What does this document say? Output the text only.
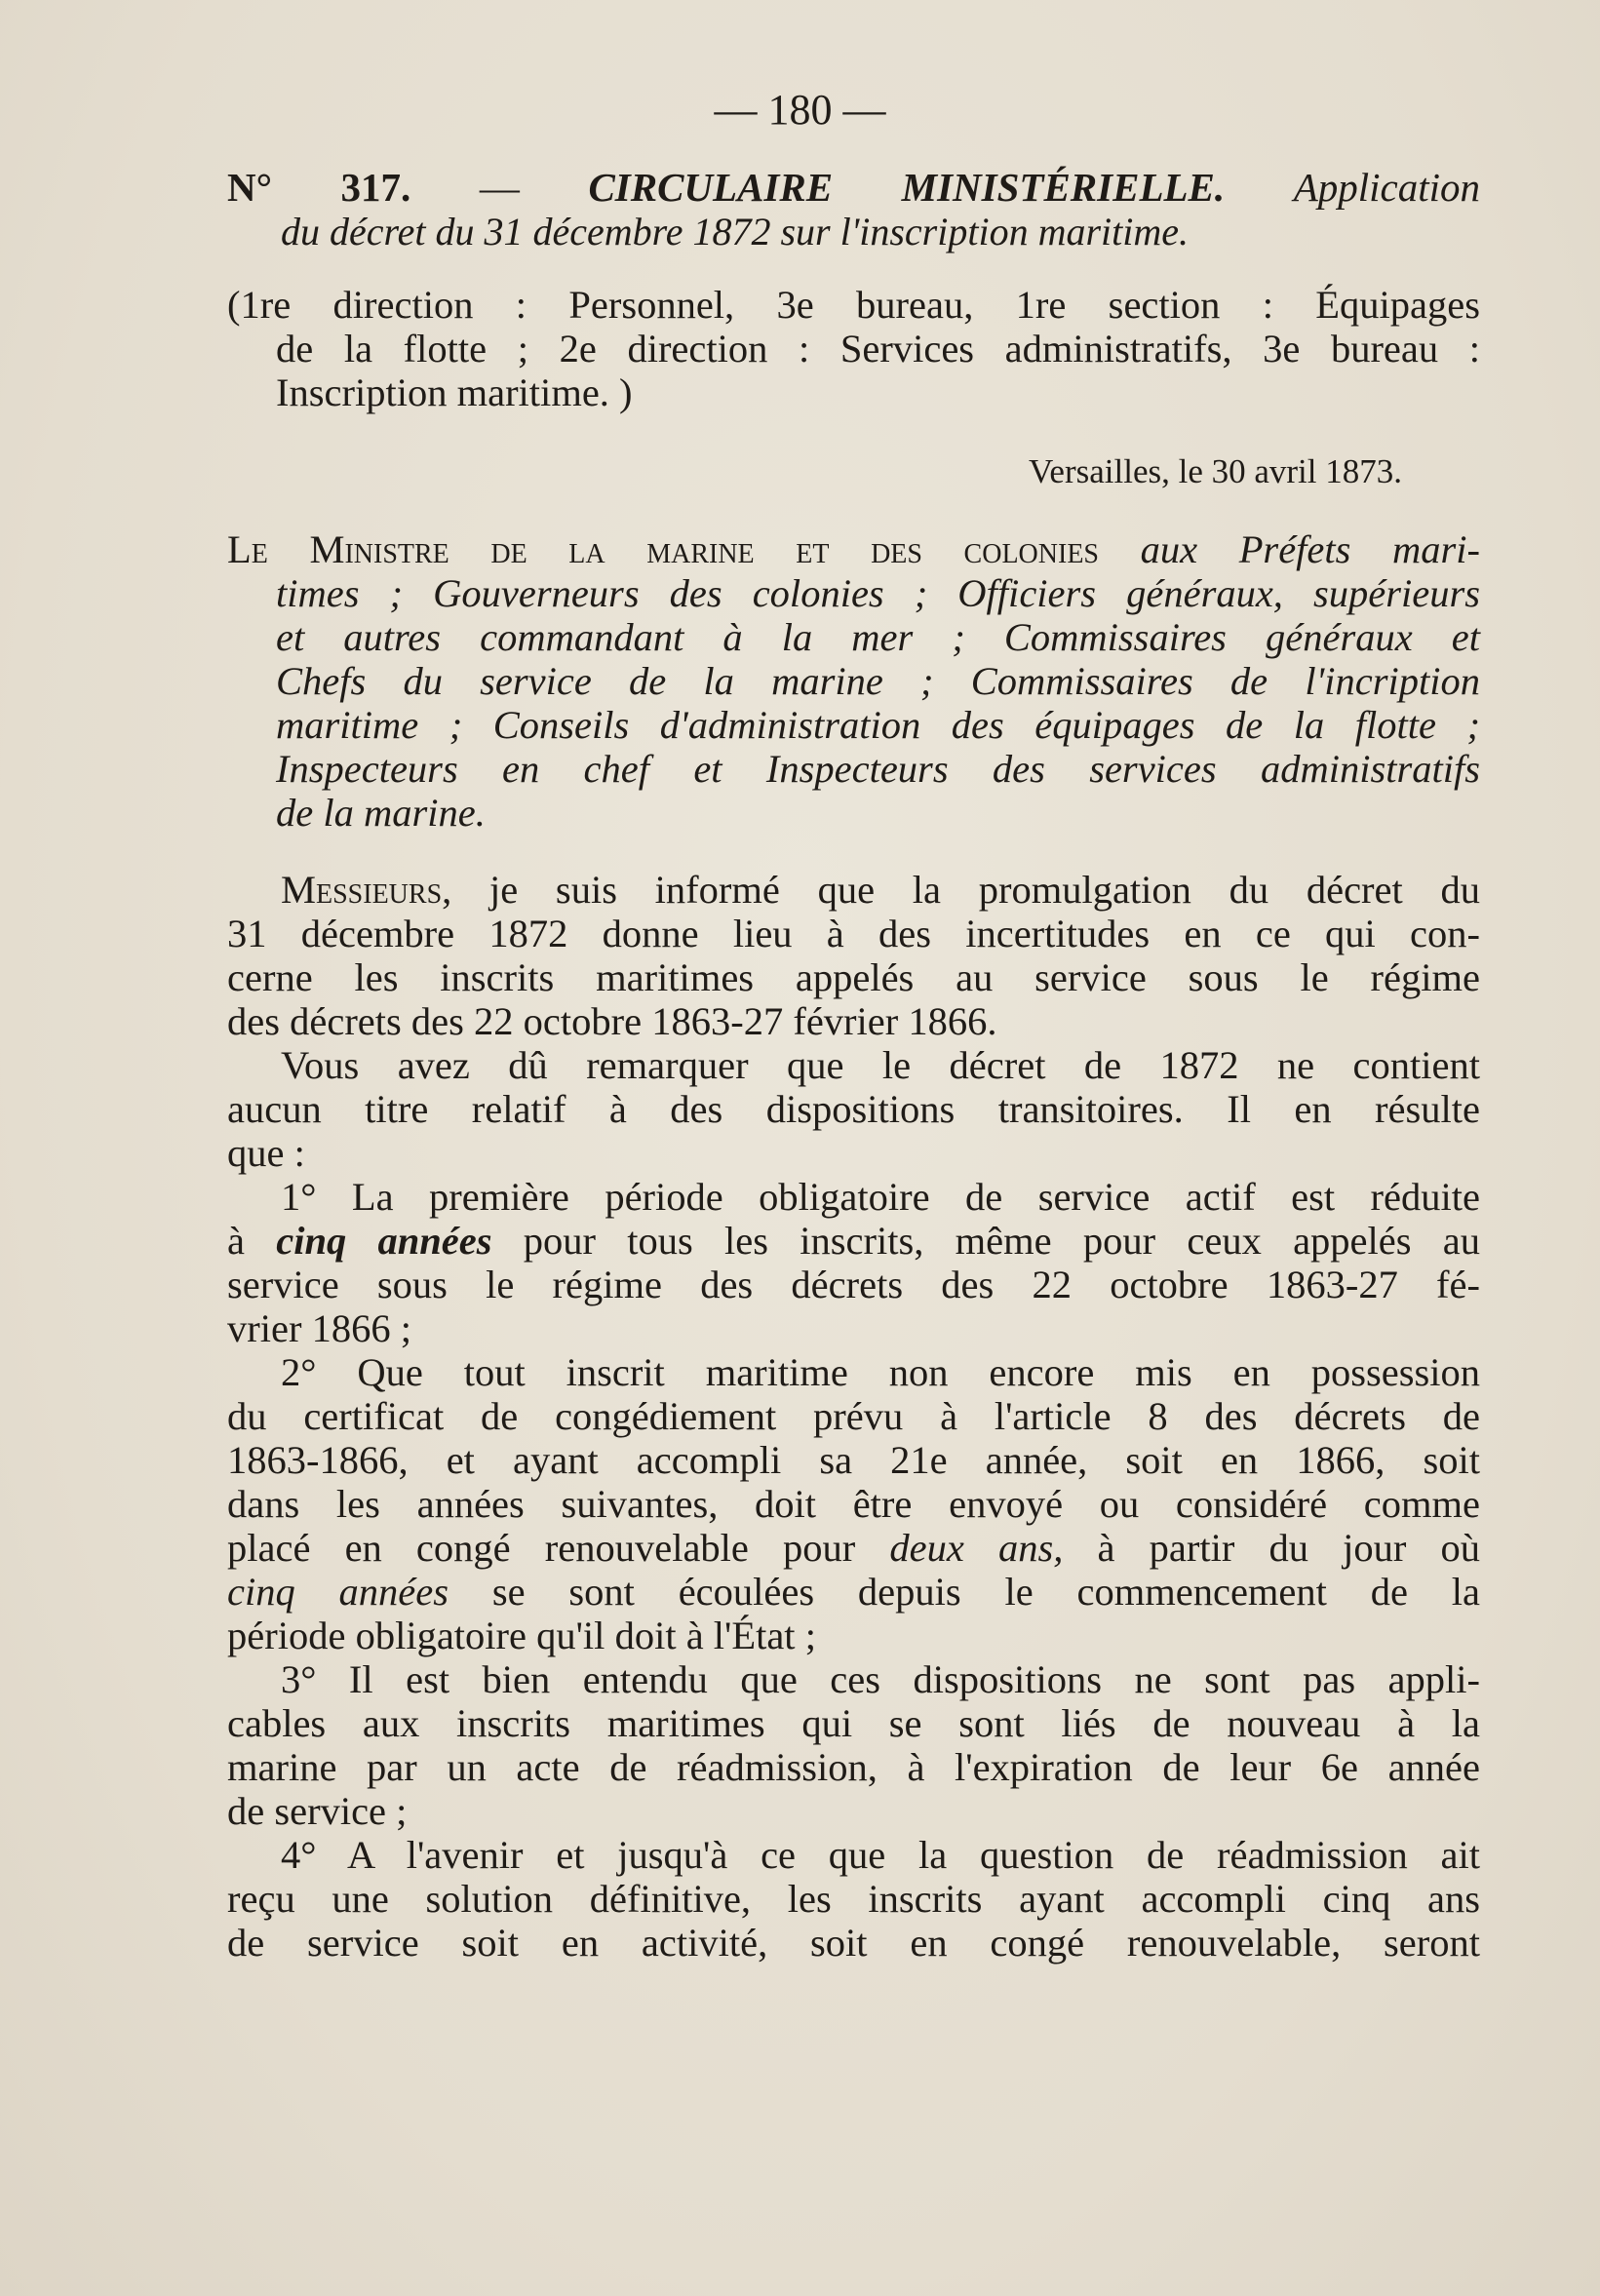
— 180 —
N° 317. — CIRCULAIRE MINISTÉRIELLE. Application
du décret du 31 décembre 1872 sur l'inscription maritime.
(1re direction : Personnel, 3e bureau, 1re section : Équipages
de la flotte ; 2e direction : Services administratifs, 3e bureau :
Inscription maritime. )
Versailles, le 30 avril 1873.
Le Ministre de la marine et des colonies aux Préfets mari-
times ; Gouverneurs des colonies ; Officiers généraux, supérieurs
et autres commandant à la mer ; Commissaires généraux et
Chefs du service de la marine ; Commissaires de l'incription
maritime ; Conseils d'administration des équipages de la flotte ;
Inspecteurs en chef et Inspecteurs des services administratifs
de la marine.
Messieurs, je suis informé que la promulgation du décret du
31 décembre 1872 donne lieu à des incertitudes en ce qui con-
cerne les inscrits maritimes appelés au service sous le régime
des décrets des 22 octobre 1863-27 février 1866.
Vous avez dû remarquer que le décret de 1872 ne contient
aucun titre relatif à des dispositions transitoires. Il en résulte
que :
1° La première période obligatoire de service actif est réduite
à cinq années pour tous les inscrits, même pour ceux appelés au
service sous le régime des décrets des 22 octobre 1863-27 fé-
vrier 1866 ;
2° Que tout inscrit maritime non encore mis en possession
du certificat de congédiement prévu à l'article 8 des décrets de
1863-1866, et ayant accompli sa 21e année, soit en 1866, soit
dans les années suivantes, doit être envoyé ou considéré comme
placé en congé renouvelable pour deux ans, à partir du jour où
cinq années se sont écoulées depuis le commencement de la
période obligatoire qu'il doit à l'État ;
3° Il est bien entendu que ces dispositions ne sont pas appli-
cables aux inscrits maritimes qui se sont liés de nouveau à la
marine par un acte de réadmission, à l'expiration de leur 6e année
de service ;
4° A l'avenir et jusqu'à ce que la question de réadmission ait
reçu une solution définitive, les inscrits ayant accompli cinq ans
de service soit en activité, soit en congé renouvelable, seront
